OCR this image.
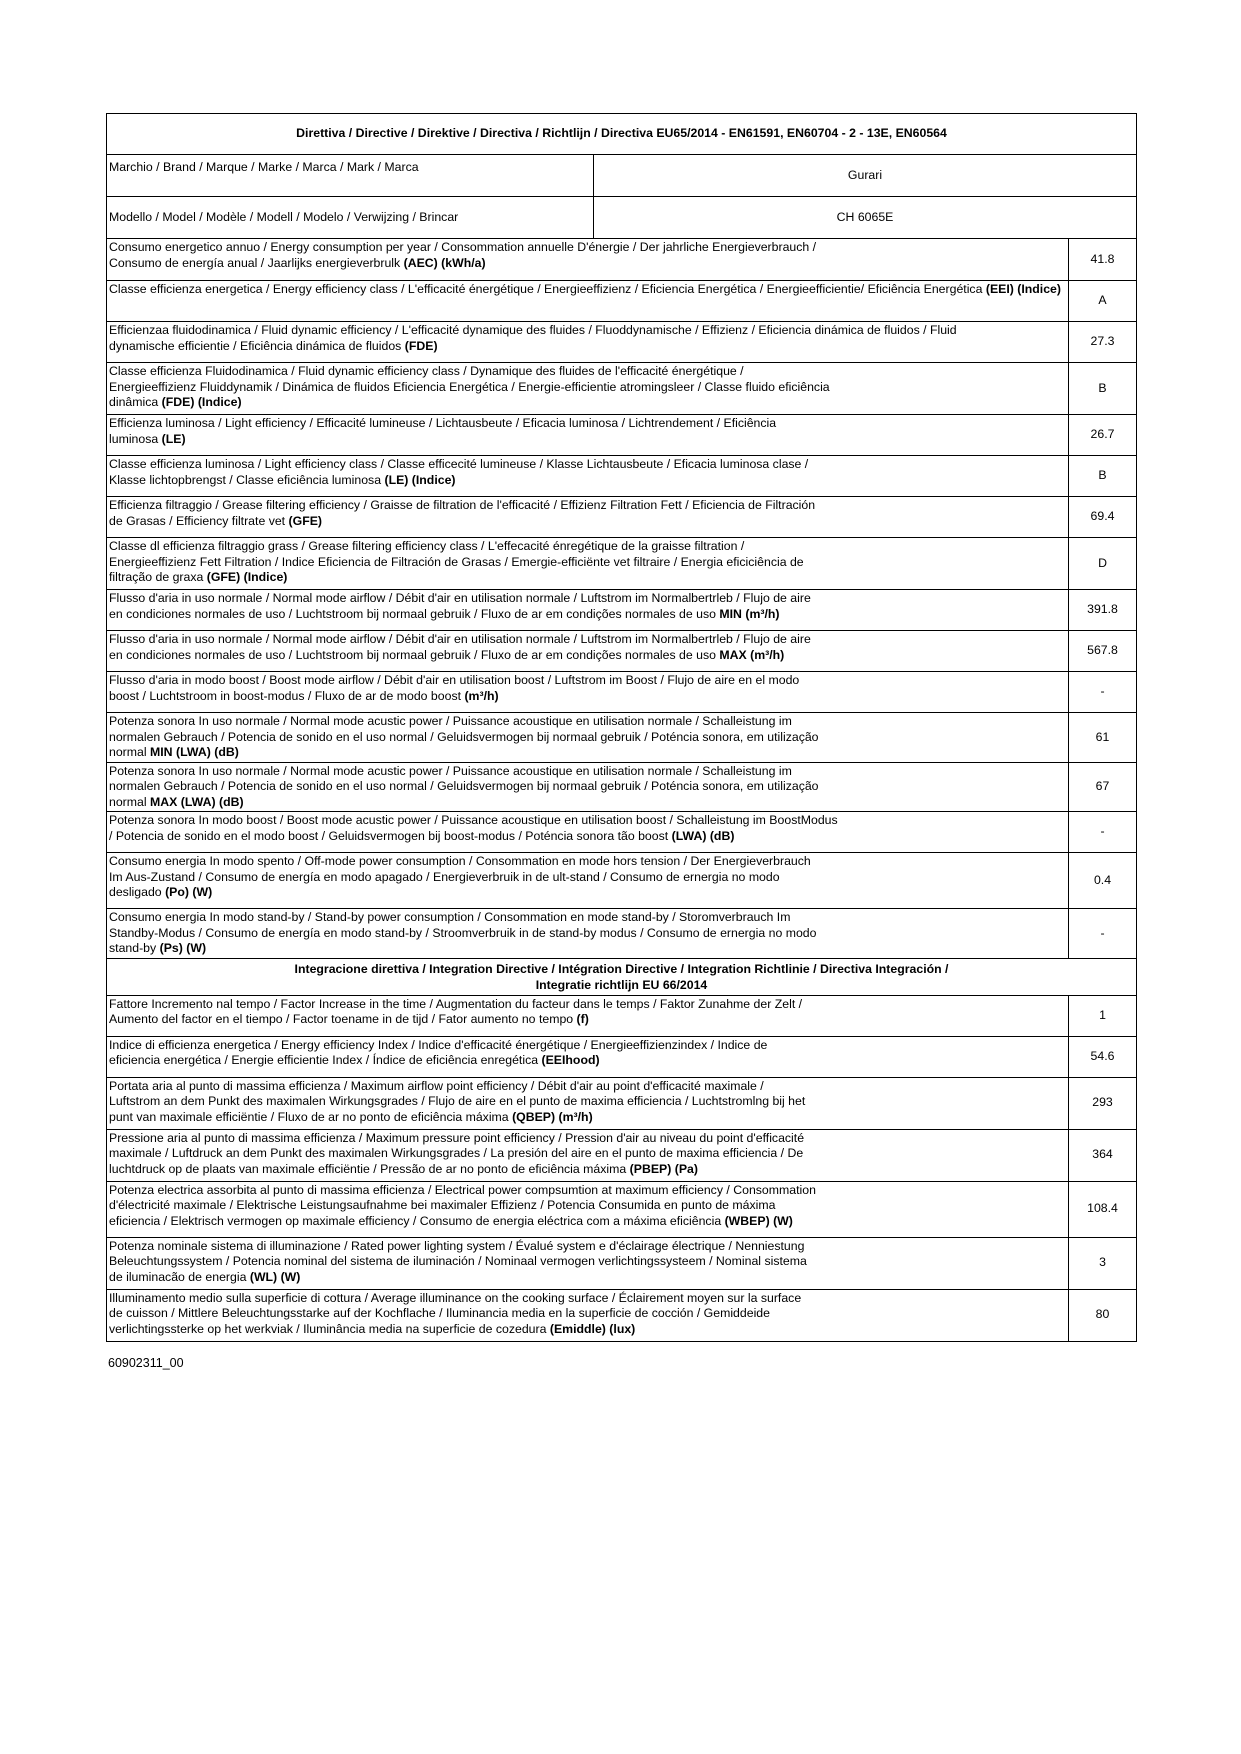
Direttiva / Directive / Direktive / Directiva / Richtlijn / Directiva EU65/2014 - EN61591, EN60704 - 2 - 13E, EN60564		
Marchio / Brand / Marque / Marke / Marca / Mark / Marca	Gurari	
Modello / Model / Modèle / Modell / Modelo / Verwijzing / Brincar	CH 6065E	

Consumo energetico annuo / Energy consumption per year / Consommation annuelle D'énergie / Der jahrliche Energieverbrauch /
Consumo de energía anual / Jaarlijks energieverbrulk (AEC) (kWh/a)		41.8

Classe efficienza energetica / Energy efficiency class / L'efficacité énergétique / Energieeffizienz / Eficiencia Energética / Energieefficientie/ Eficiência Energética (EEI) (Indice)		A

Efficienzaa fluidodinamica / Fluid dynamic efficiency / L'efficacité dynamique des fluides / Fluoddynamische / Effizienz / Eficiencia dinámica de fluidos / Fluid
dynamische efficientie / Eficiência dinámica de fluidos (FDE)		27.3

Classe efficienza Fluidodinamica / Fluid dynamic efficiency class / Dynamique des fluides de l'efficacité énergétique /
Energieeffizienz Fluiddynamik / Dinámica de fluidos Eficiencia Energética / Energie-efficientie atromingsleer / Classe fluido eficiência
dinâmica (FDE) (Indice)		B

Efficienza luminosa / Light efficiency / Efficacité lumineuse / Lichtausbeute / Eficacia luminosa / Lichtrendement / Eficiência
luminosa (LE)		26.7

Classe efficienza luminosa / Light efficiency class / Classe efficecité lumineuse / Klasse Lichtausbeute / Eficacia luminosa clase /
Klasse lichtopbrengst / Classe eficiência luminosa (LE) (Indice)		B

Efficienza filtraggio / Grease filtering efficiency / Graisse de filtration de l'efficacité / Effizienz Filtration Fett / Eficiencia de Filtración
de Grasas / Efficiency filtrate vet (GFE)		69.4

Classe dl efficienza filtraggio grass / Grease filtering efficiency class / L'effecacité énregétique de la graisse filtration /
Energieeffizienz Fett Filtration / Indice Eficiencia de Filtración de Grasas / Emergie-efficiënte vet filtraire / Energia eficiciência de
filtração de graxa (GFE) (Indice)		D

Flusso d'aria in uso normale / Normal mode airflow / Débit d'air en utilisation normale / Luftstrom im Normalbertrleb / Flujo de aire
en condiciones normales de uso / Luchtstroom bij normaal gebruik / Fluxo de ar em condições normales de uso MIN (m³/h)		391.8

Flusso d'aria in uso normale / Normal mode airflow / Débit d'air en utilisation normale / Luftstrom im Normalbertrleb / Flujo de aire
en condiciones normales de uso / Luchtstroom bij normaal gebruik / Fluxo de ar em condições normales de uso MAX (m³/h)		567.8

Flusso d'aria in modo boost / Boost mode airflow / Débit d'air en utilisation boost / Luftstrom im Boost / Flujo de aire en el modo
boost / Luchtstroom in boost-modus / Fluxo de ar de modo boost (m³/h)		-

Potenza sonora In uso normale / Normal mode acustic power / Puissance acoustique en utilisation normale / Schalleistung im
normalen Gebrauch / Potencia de sonido en el uso normal / Geluidsvermogen bij normaal gebruik / Poténcia sonora, em utilização
normal MIN (LWA) (dB)		61

Potenza sonora In uso normale / Normal mode acustic power / Puissance acoustique en utilisation normale / Schalleistung im
normalen Gebrauch / Potencia de sonido en el uso normal / Geluidsvermogen bij normaal gebruik / Poténcia sonora, em utilização
normal MAX (LWA) (dB)		67

Potenza sonora In modo boost / Boost mode acustic power / Puissance acoustique en utilisation boost / Schalleistung im BoostModus
/ Potencia de sonido en el modo boost / Geluidsvermogen bij boost-modus / Poténcia sonora tão boost (LWA) (dB)		-

Consumo energia In modo spento / Off-mode power consumption / Consommation en mode hors tension / Der Energieverbrauch
Im Aus-Zustand / Consumo de energía en modo apagado / Energieverbruik in de ult-stand / Consumo de ernergia no modo
desligado (Po) (W)		0.4

Consumo energia In modo stand-by / Stand-by power consumption / Consommation en mode stand-by / Storomverbrauch Im
Standby-Modus / Consumo de energía en modo stand-by / Stroomverbruik in de stand-by modus / Consumo de ernergia no modo
stand-by (Ps) (W)		-

Integracione direttiva / Integration Directive / Intégration Directive / Integration Richtlinie / Directiva Integración /
Integratie richtlijn EU 66/2014		

Fattore Incremento nal tempo / Factor Increase in the time / Augmentation du facteur dans le temps / Faktor Zunahme der Zelt /
Aumento del factor en el tiempo / Factor toename in de tijd / Fator aumento no tempo (f)		1

Indice di efficienza energetica / Energy efficiency Index / Indice d'efficacité énergétique / Energieeffizienzindex / Indice de
eficiencia energética / Energie efficientie Index / Índice de eficiência enregética (EEIhood)		54.6

Portata aria al punto di massima efficienza / Maximum airflow point efficiency / Débit d'air au point d'efficacité maximale /
Luftstrom an dem Punkt des maximalen Wirkungsgrades / Flujo de aire en el punto de maxima efficiencia / Luchtstromlng bij het
punt van maximale efficiëntie / Fluxo de ar no ponto de eficiência máxima (QBEP) (m³/h)		293

Pressione aria al punto di massima efficienza / Maximum pressure point efficiency / Pression d'air au niveau du point d'efficacité
maximale / Luftdruck an dem Punkt des maximalen Wirkungsgrades / La presión del aire en el punto de maxima efficiencia / De
luchtdruck op de plaats van maximale efficiëntie / Pressão de ar no ponto de eficiência máxima (PBEP) (Pa)		364

Potenza electrica assorbita al punto di massima efficienza / Electrical power compsumtion at maximum efficiency / Consommation
d'électricité maximale / Elektrische Leistungsaufnahme bei maximaler Effizienz / Potencia Consumida en punto de máxima
eficiencia / Elektrisch vermogen op maximale efficiency / Consumo de energia eléctrica com a máxima eficiência (WBEP) (W)		108.4

Potenza nominale sistema di illuminazione / Rated power lighting system / Évalué system e d'éclairage électrique / Nenniestung
Beleuchtungssystem / Potencia nominal del sistema de iluminación / Nominaal vermogen verlichtingssysteem / Nominal sistema
de iluminacão de energia (WL) (W)		3

Illuminamento medio sulla superficie di cottura / Average illuminance on the cooking surface / Éclairement moyen sur la surface
de cuisson / Mittlere Beleuchtungsstarke auf der Kochflache / Iluminancia media en la superficie de cocción / Gemiddeide
verlichtingssterke op het werkviak / Iluminância media na superficie de cozedura (Emiddle) (lux)		80
60902311_00
